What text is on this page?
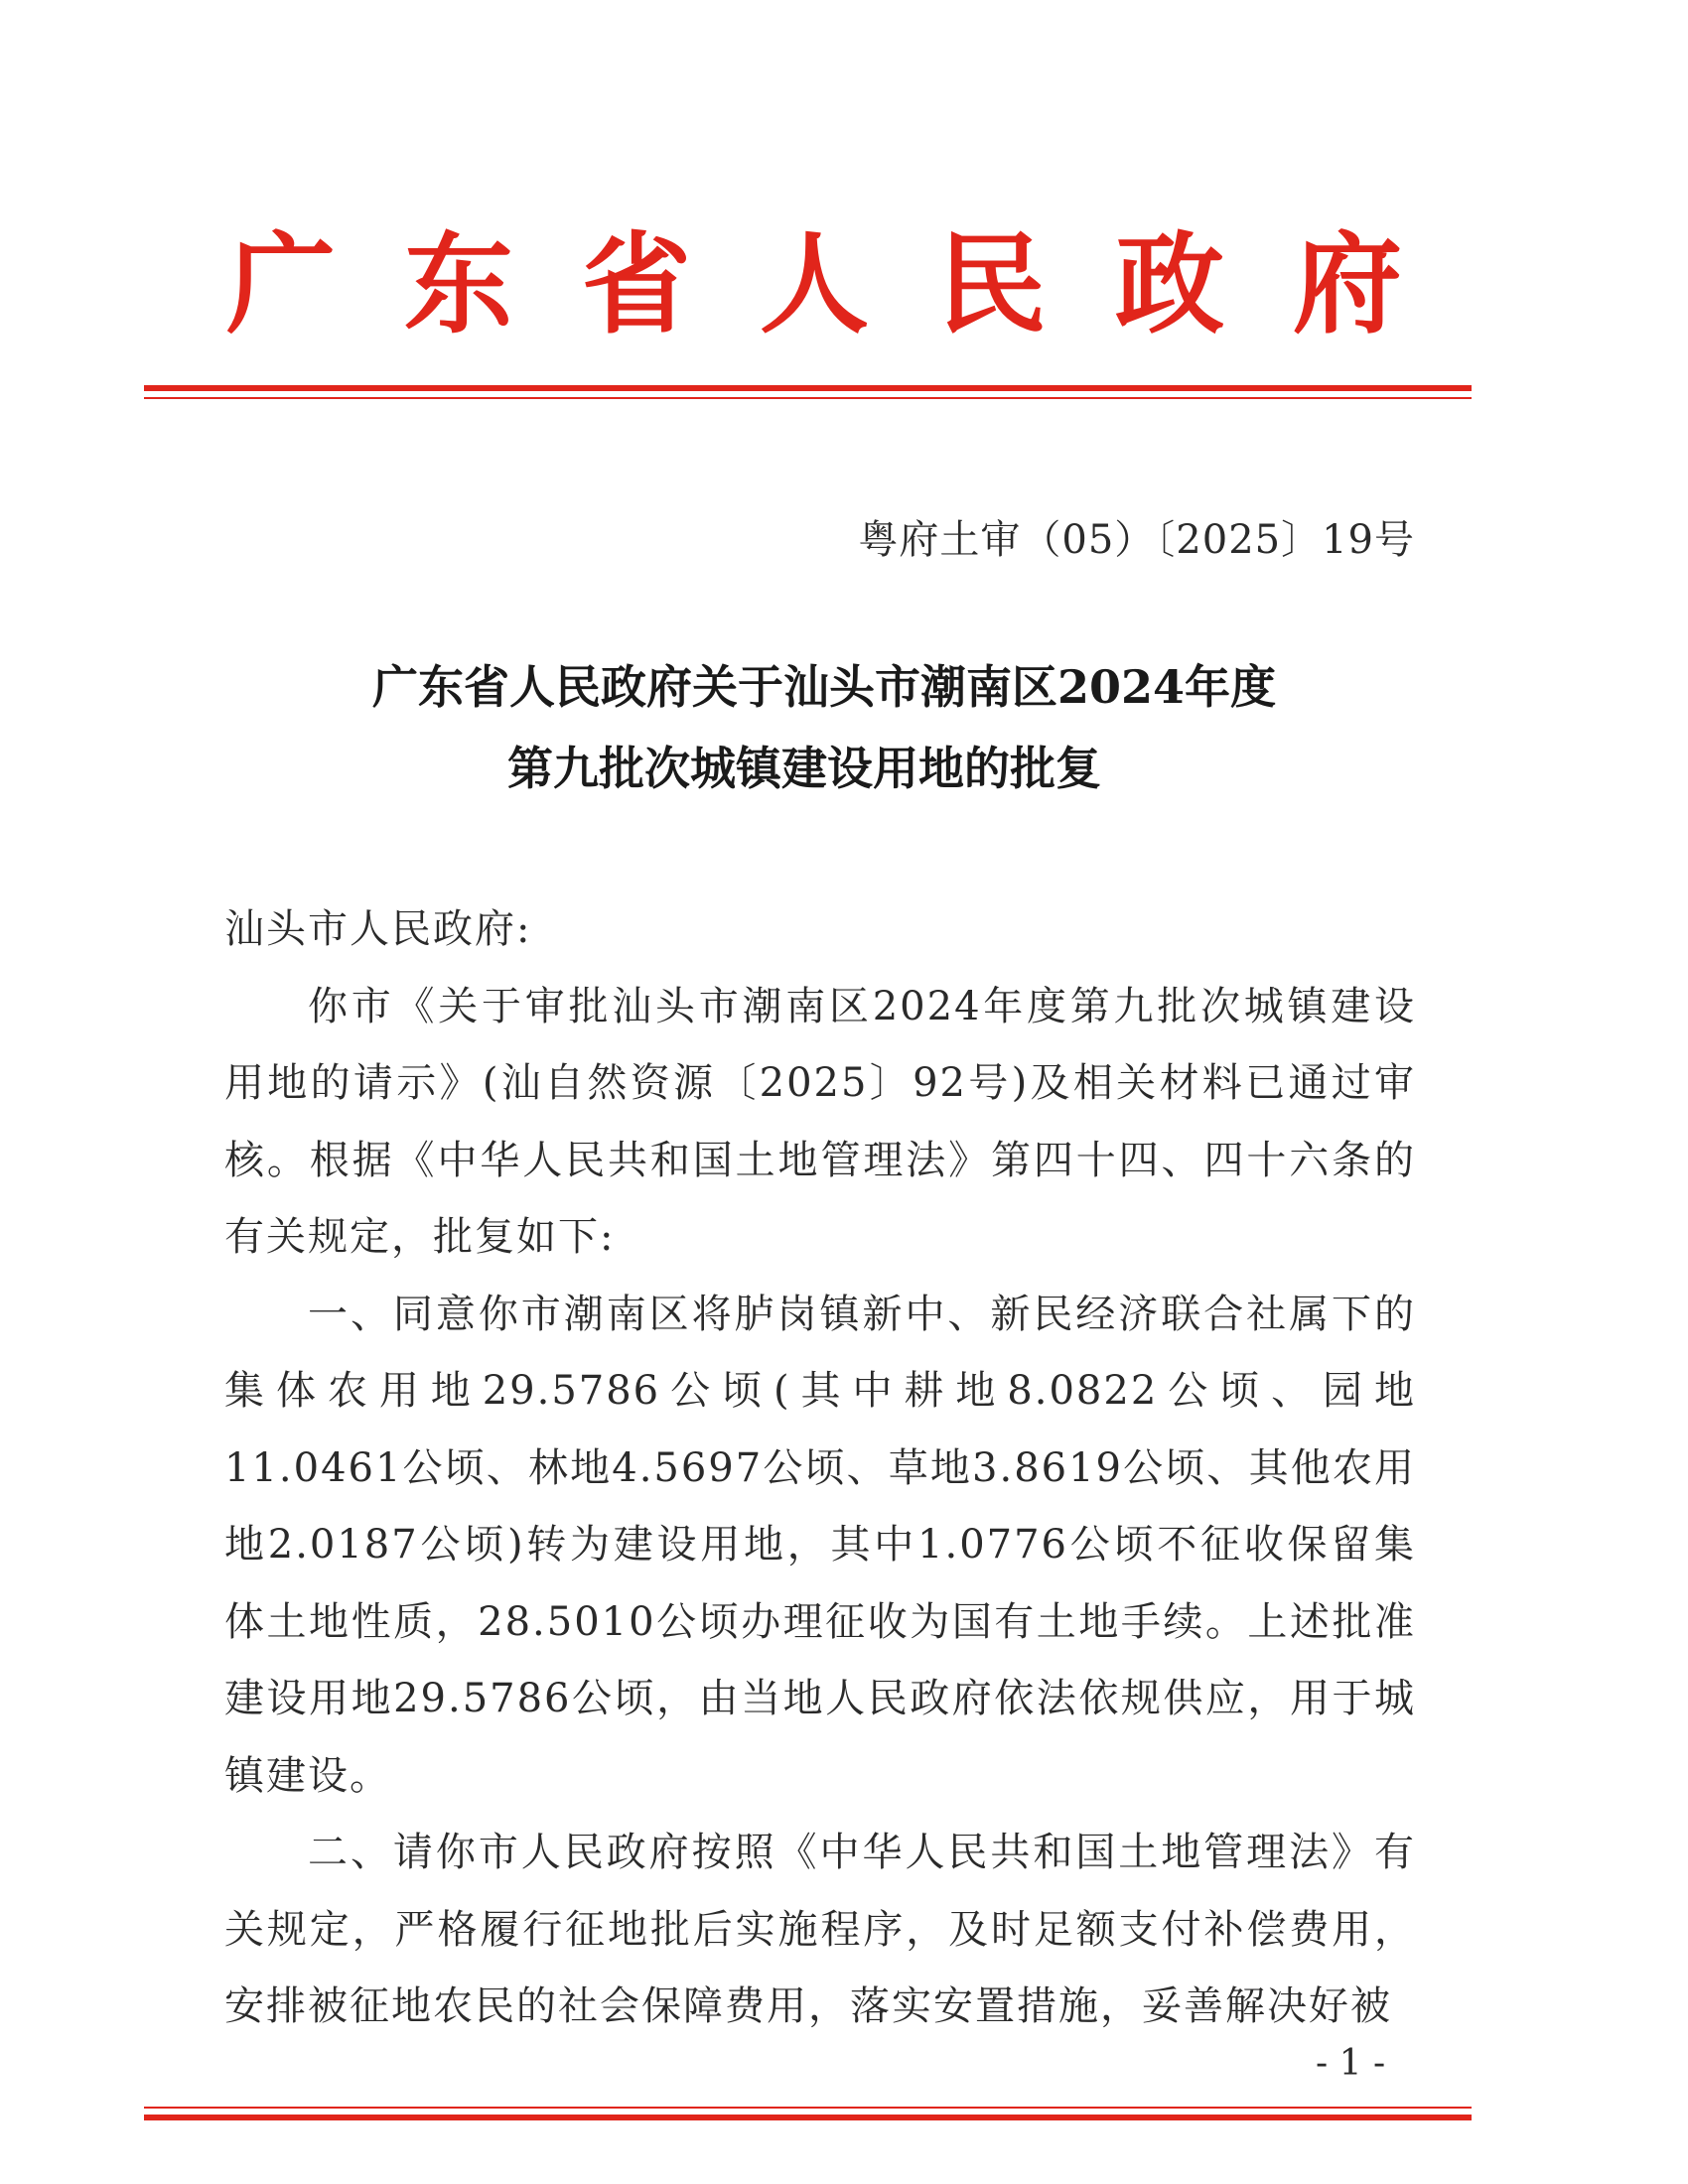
广 东 省 人 民 政 府
粤府土审（05）〔2025〕19号
广东省人民政府关于汕头市潮南区2024年度
第九批次城镇建设用地的批复

汕头市人民政府:

你市《关于审批汕头市潮南区2024年度第九批次城镇建设用地的请示》(汕自然资源〔2025〕92号)及相关材料已通过审核。根据《中华人民共和国土地管理法》第四十四、四十六条的有关规定，批复如下:

一、同意你市潮南区将胪岗镇新中、新民经济联合社属下的集体农用地29.5786公顷(其中耕地8.0822公顷、园地11.0461公顷、林地4.5697公顷、草地3.8619公顷、其他农用地2.0187公顷)转为建设用地，其中1.0776公顷不征收保留集体土地性质，28.5010公顷办理征收为国有土地手续。上述批准建设用地29.5786公顷，由当地人民政府依法依规供应，用于城镇建设。

二、请你市人民政府按照《中华人民共和国土地管理法》有关规定，严格履行征地批后实施程序，及时足额支付补偿费用，安排被征地农民的社会保障费用，落实安置措施，妥善解决好被

- 1 -
